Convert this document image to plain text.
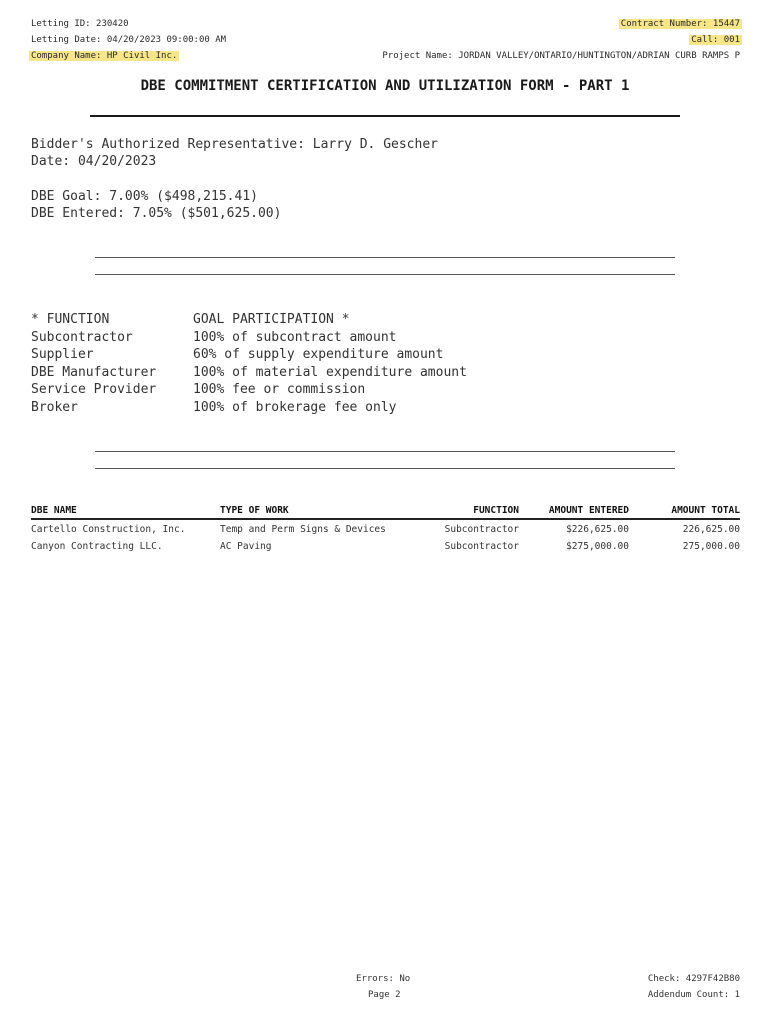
Letting ID: 230420
Letting Date: 04/20/2023 09:00:00 AM
Company Name: HP Civil Inc.
Contract Number: 15447
Call: 001
Project Name: JORDAN VALLEY/ONTARIO/HUNTINGTON/ADRIAN CURB RAMPS P
DBE COMMITMENT CERTIFICATION AND UTILIZATION FORM - PART 1
Bidder's Authorized Representative: Larry D. Gescher
Date: 04/20/2023
DBE Goal: 7.00% ($498,215.41)
DBE Entered: 7.05% ($501,625.00)
* FUNCTION	GOAL PARTICIPATION *
Subcontractor	100% of subcontract amount
Supplier	60% of supply expenditure amount
DBE Manufacturer	100% of material expenditure amount
Service Provider	100% fee or commission
Broker	100% of brokerage fee only
DBE NAME	TYPE OF WORK	FUNCTION	AMOUNT ENTERED	AMOUNT TOTAL
Cartello Construction, Inc.	Temp and Perm Signs & Devices	Subcontractor	$226,625.00	226,625.00
Canyon Contracting LLC.	AC Paving	Subcontractor	$275,000.00	275,000.00
Errors: No
Page 2
Check: 4297F42B80
Addendum Count: 1
